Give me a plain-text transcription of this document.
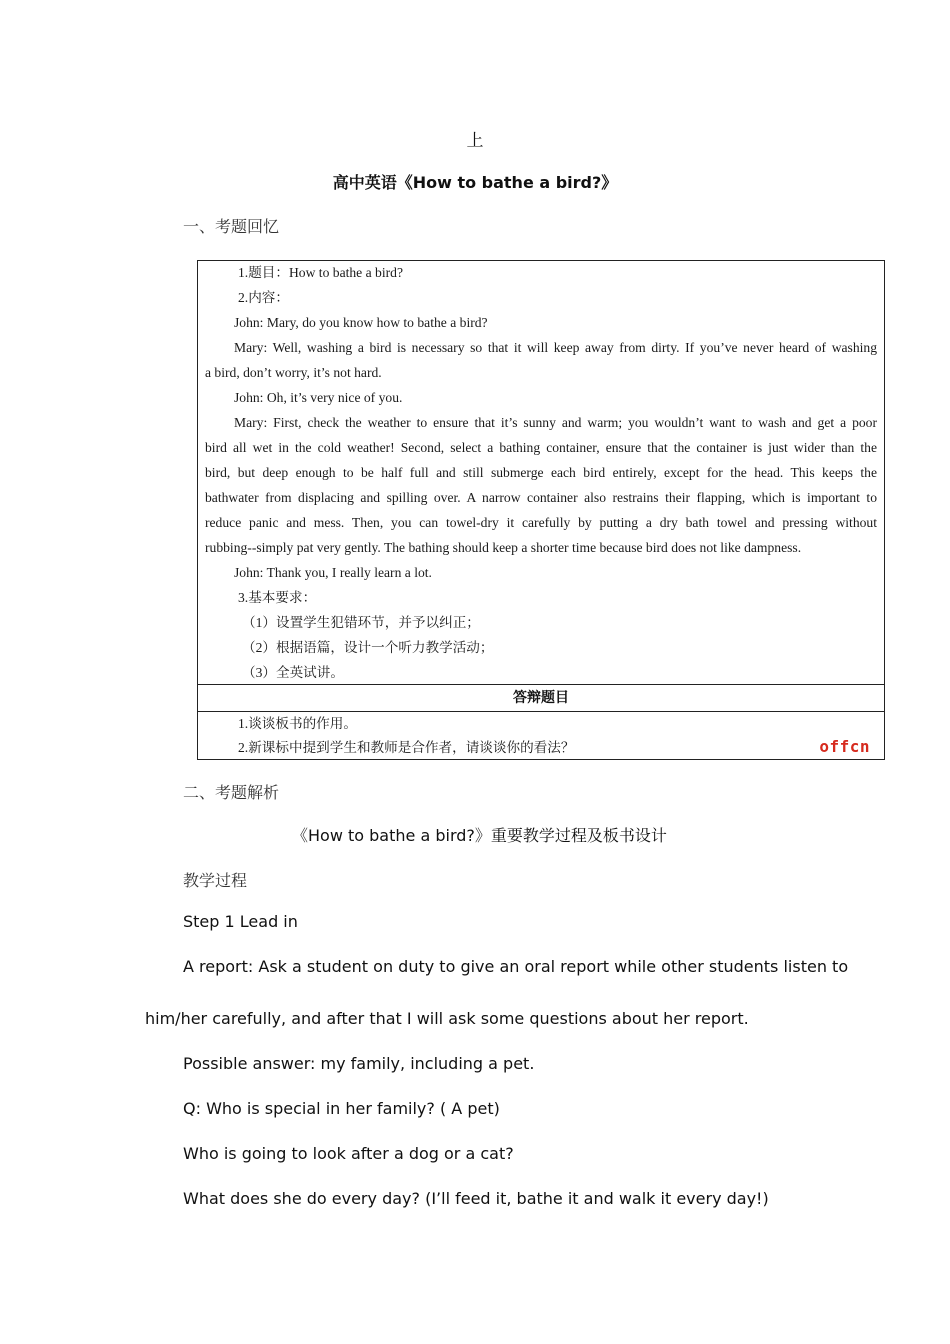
上
高中英语《How to bathe a bird?》
一、考题回忆
1.题目：How to bathe a bird?
2.内容：
John: Mary, do you know how to bathe a bird?
Mary: Well, washing a bird is necessary so that it will keep away from dirty. If you’ve never heard of washing
a bird, don’t worry, it’s not hard.
John: Oh, it’s very nice of you.
Mary: First, check the weather to ensure that it’s sunny and warm; you wouldn’t want to wash and get a poor
bird all wet in the cold weather! Second, select a bathing container, ensure that the container is just wider than the
bird, but deep enough to be half full and still submerge each bird entirely, except for the head. This keeps the
bathwater from displacing and spilling over. A narrow container also restrains their flapping, which is important to
reduce panic and mess. Then, you can towel-dry it carefully by putting a dry bath towel and pressing without
rubbing--simply pat very gently. The bathing should keep a shorter time because bird does not like dampness.
John: Thank you, I really learn a lot.
3.基本要求：
（1）设置学生犯错环节，并予以纠正；
（2）根据语篇，设计一个听力教学活动；
（3）全英试讲。
答辩题目
1.谈谈板书的作用。
2.新课标中提到学生和教师是合作者，请谈谈你的看法？	offcn
二、考题解析
《How to bathe a bird?》重要教学过程及板书设计
教学过程
Step 1 Lead in
A report: Ask a student on duty to give an oral report while other students listen to
him/her carefully, and after that I will ask some questions about her report.
Possible answer: my family, including a pet.
Q: Who is special in her family? ( A pet)
Who is going to look after a dog or a cat?
What does she do every day? (I’ll feed it, bathe it and walk it every day!)
